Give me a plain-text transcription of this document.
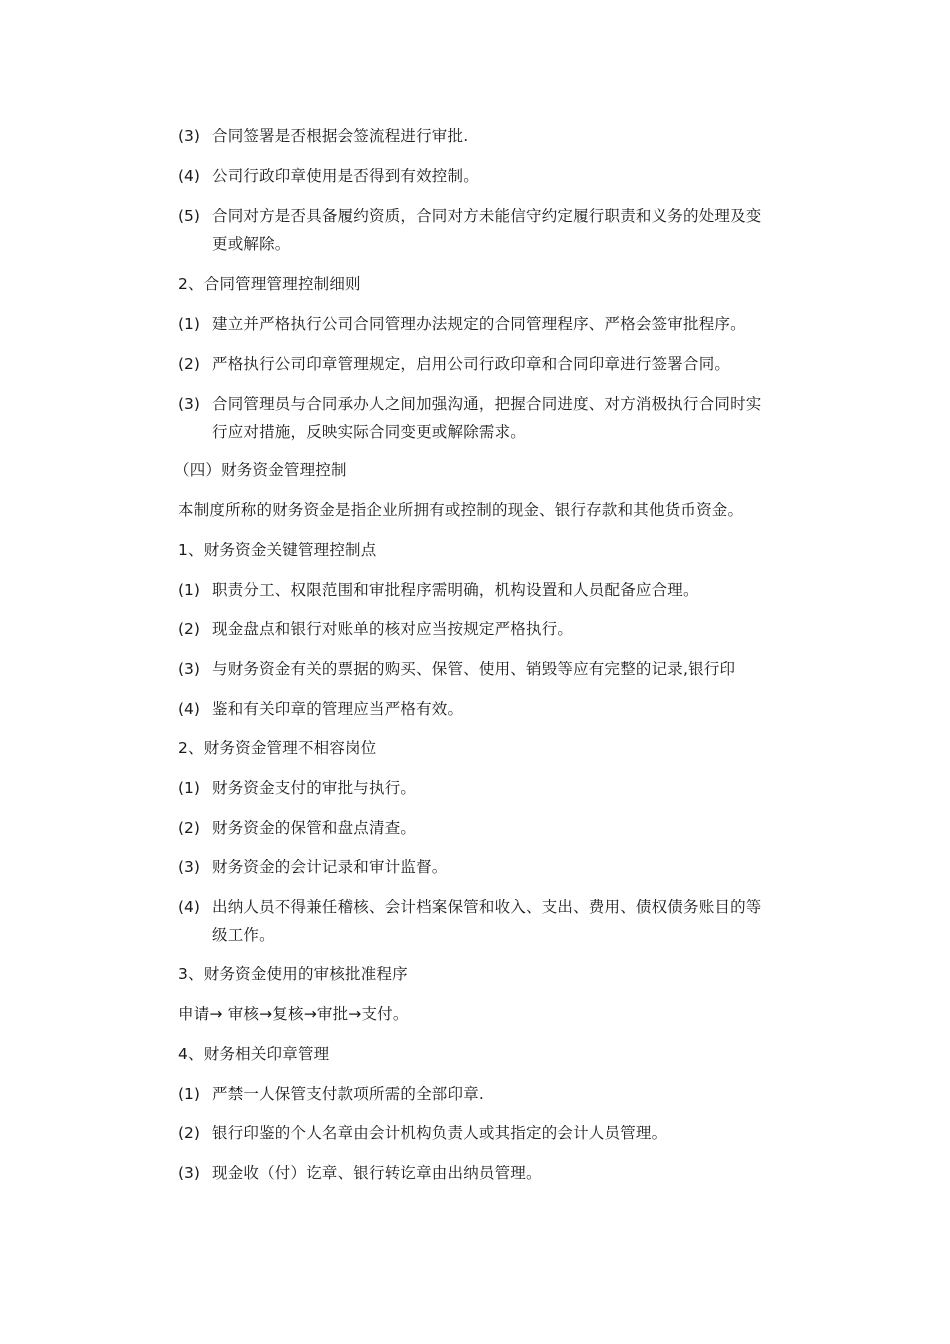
(3) 合同签署是否根据会签流程进行审批.
(4) 公司行政印章使用是否得到有效控制。
(5) 合同对方是否具备履约资质，合同对方未能信守约定履行职责和义务的处理及变
更或解除。
2、合同管理管理控制细则
(1) 建立并严格执行公司合同管理办法规定的合同管理程序、严格会签审批程序。
(2) 严格执行公司印章管理规定，启用公司行政印章和合同印章进行签署合同。
(3) 合同管理员与合同承办人之间加强沟通，把握合同进度、对方消极执行合同时实
行应对措施，反映实际合同变更或解除需求。
（四）财务资金管理控制
本制度所称的财务资金是指企业所拥有或控制的现金、银行存款和其他货币资金。
1、财务资金关键管理控制点
(1) 职责分工、权限范围和审批程序需明确，机构设置和人员配备应合理。
(2) 现金盘点和银行对账单的核对应当按规定严格执行。
(3) 与财务资金有关的票据的购买、保管、使用、销毁等应有完整的记录,银行印
(4) 鉴和有关印章的管理应当严格有效。
2、财务资金管理不相容岗位
(1) 财务资金支付的审批与执行。
(2) 财务资金的保管和盘点清查。
(3) 财务资金的会计记录和审计监督。
(4) 出纳人员不得兼任稽核、会计档案保管和收入、支出、费用、债权债务账目的等
级工作。
3、财务资金使用的审核批准程序
申请→ 审核→复核→审批→支付。
4、财务相关印章管理
(1) 严禁一人保管支付款项所需的全部印章.
(2) 银行印鉴的个人名章由会计机构负责人或其指定的会计人员管理。
(3) 现金收（付）讫章、银行转讫章由出纳员管理。
